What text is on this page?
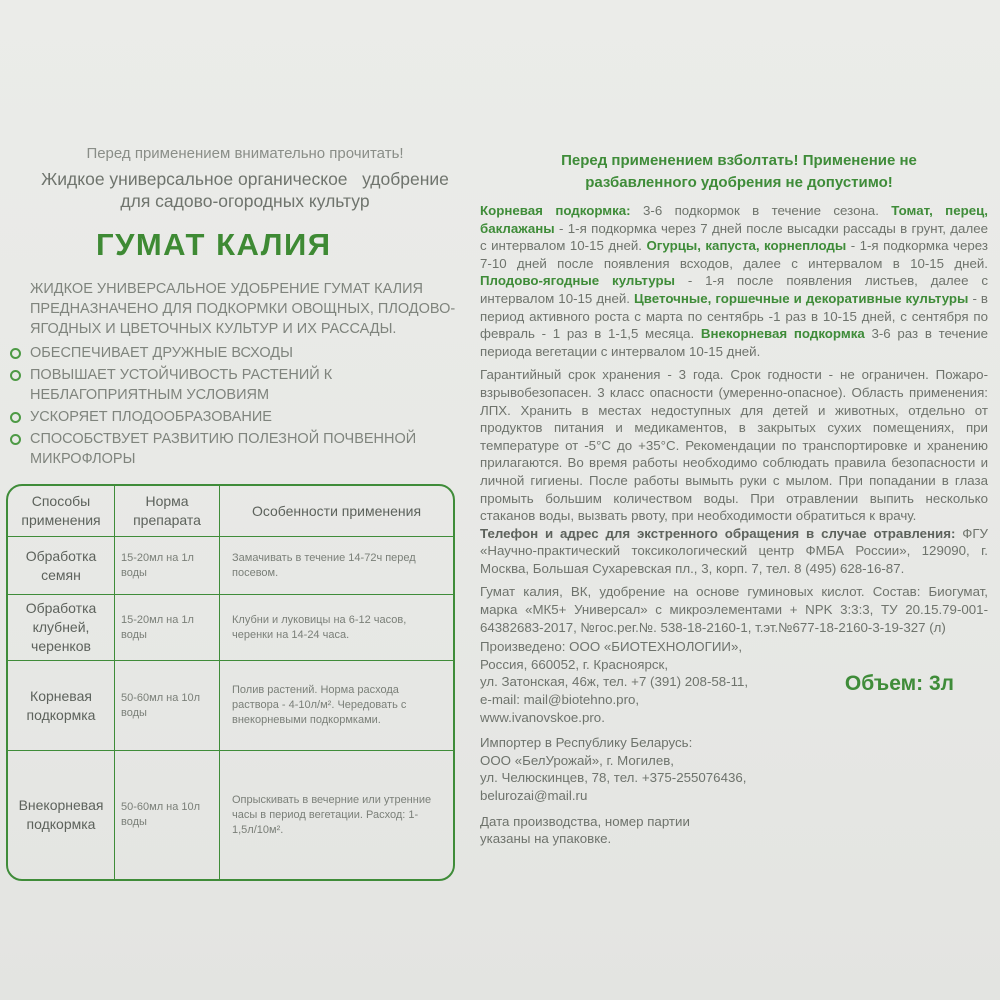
Перед применением внимательно прочитать!
Жидкое универсальное органическое   удобрение
для садово-огородных культур
ГУМАТ КАЛИЯ
ЖИДКОЕ УНИВЕРСАЛЬНОЕ УДОБРЕНИЕ ГУМАТ КАЛИЯ ПРЕДНАЗНАЧЕНО ДЛЯ ПОДКОРМКИ ОВОЩНЫХ, ПЛОДОВО-ЯГОДНЫХ И ЦВЕТОЧНЫХ КУЛЬТУР И ИХ РАССАДЫ.
ОБЕСПЕЧИВАЕТ ДРУЖНЫЕ ВСХОДЫ
ПОВЫШАЕТ УСТОЙЧИВОСТЬ РАСТЕНИЙ К НЕБЛАГОПРИЯТНЫМ УСЛОВИЯМ
УСКОРЯЕТ ПЛОДООБРАЗОВАНИЕ
СПОСОБСТВУЕТ РАЗВИТИЮ ПОЛЕЗНОЙ ПОЧВЕННОЙ МИКРОФЛОРЫ
Способы применения	Норма препарата	Особенности применения
Обработка семян	15-20мл на 1л воды	Замачивать в течение 14-72ч перед посевом.
Обработка клубней, черенков	15-20мл на 1л воды	Клубни и луковицы на 6-12 часов, черенки на 14-24 часа.
Корневая подкормка	50-60мл на 10л воды	Полив растений. Норма расхода раствора - 4-10л/м². Чередовать с внекорневыми подкормками.
Внекорневая подкормка	50-60мл на 10л воды	Опрыскивать в вечерние или утренние часы в период вегетации. Расход: 1-1,5л/10м².
Перед применением взболтать! Применение не
разбавленного удобрения не допустимо!
Корневая подкормка: 3-6 подкормок в течение сезона. Томат, перец, баклажаны - 1-я подкормка через 7 дней после высадки рассады в грунт, далее с интервалом 10-15 дней. Огурцы, капуста, корнеплоды - 1-я подкормка через 7-10 дней после появления всходов, далее с интервалом в 10-15 дней. Плодово-ягодные культуры - 1-я после появления листьев, далее с интервалом 10-15 дней. Цветочные, горшечные и декоративные культуры - в период активного роста с марта по сентябрь -1 раз в 10-15 дней, с сентября по февраль - 1 раз в 1-1,5 месяца. Внекорневая подкормка 3-6 раз в течение периода вегетации с интервалом 10-15 дней.
Гарантийный срок хранения - 3 года. Срок годности - не ограничен. Пожаро-взрывобезопасен. 3 класс опасности (умеренно-опасное). Область применения: ЛПХ. Хранить в местах недоступных для детей и животных, отдельно от продуктов питания и медикаментов, в закрытых сухих помещениях, при температуре от -5°С до +35°С. Рекомендации по транспортировке и хранению прилагаются. Во время работы необходимо соблюдать правила безопасности и личной гигиены. После работы вымыть руки с мылом. При попадании в глаза промыть большим количеством воды. При отравлении выпить несколько стаканов воды, вызвать рвоту, при необходимости обратиться к врачу.
Телефон и адрес для экстренного обращения в случае отравления: ФГУ «Научно-практический токсикологический центр ФМБА России», 129090, г. Москва, Большая Сухаревская пл., 3, корп. 7, тел. 8 (495) 628-16-87.
Гумат калия, ВК, удобрение на основе гуминовых кислот. Состав: Биогумат, марка «МК5+ Универсал» с микроэлементами + NPK 3:3:3, ТУ 20.15.79-001-64382683-2017, №гос.рег.№. 538-18-2160-1, т.эт.№677-18-2160-3-19-327 (л)

Произведено: ООО «БИОТЕХНОЛОГИИ»,
Россия, 660052, г. Красноярск,
ул. Затонская, 46ж, тел. +7 (391) 208-58-11,
e-mail: mail@biotehno.pro,
www.ivanovskoe.pro.

Импортер в Республику Беларусь:
ООО «БелУрожай», г. Могилев,
ул. Челюскинцев, 78, тел. +375-255076436,
belurozai@mail.ru

Дата производства, номер партии
указаны на упаковке.

Объем: 3л
